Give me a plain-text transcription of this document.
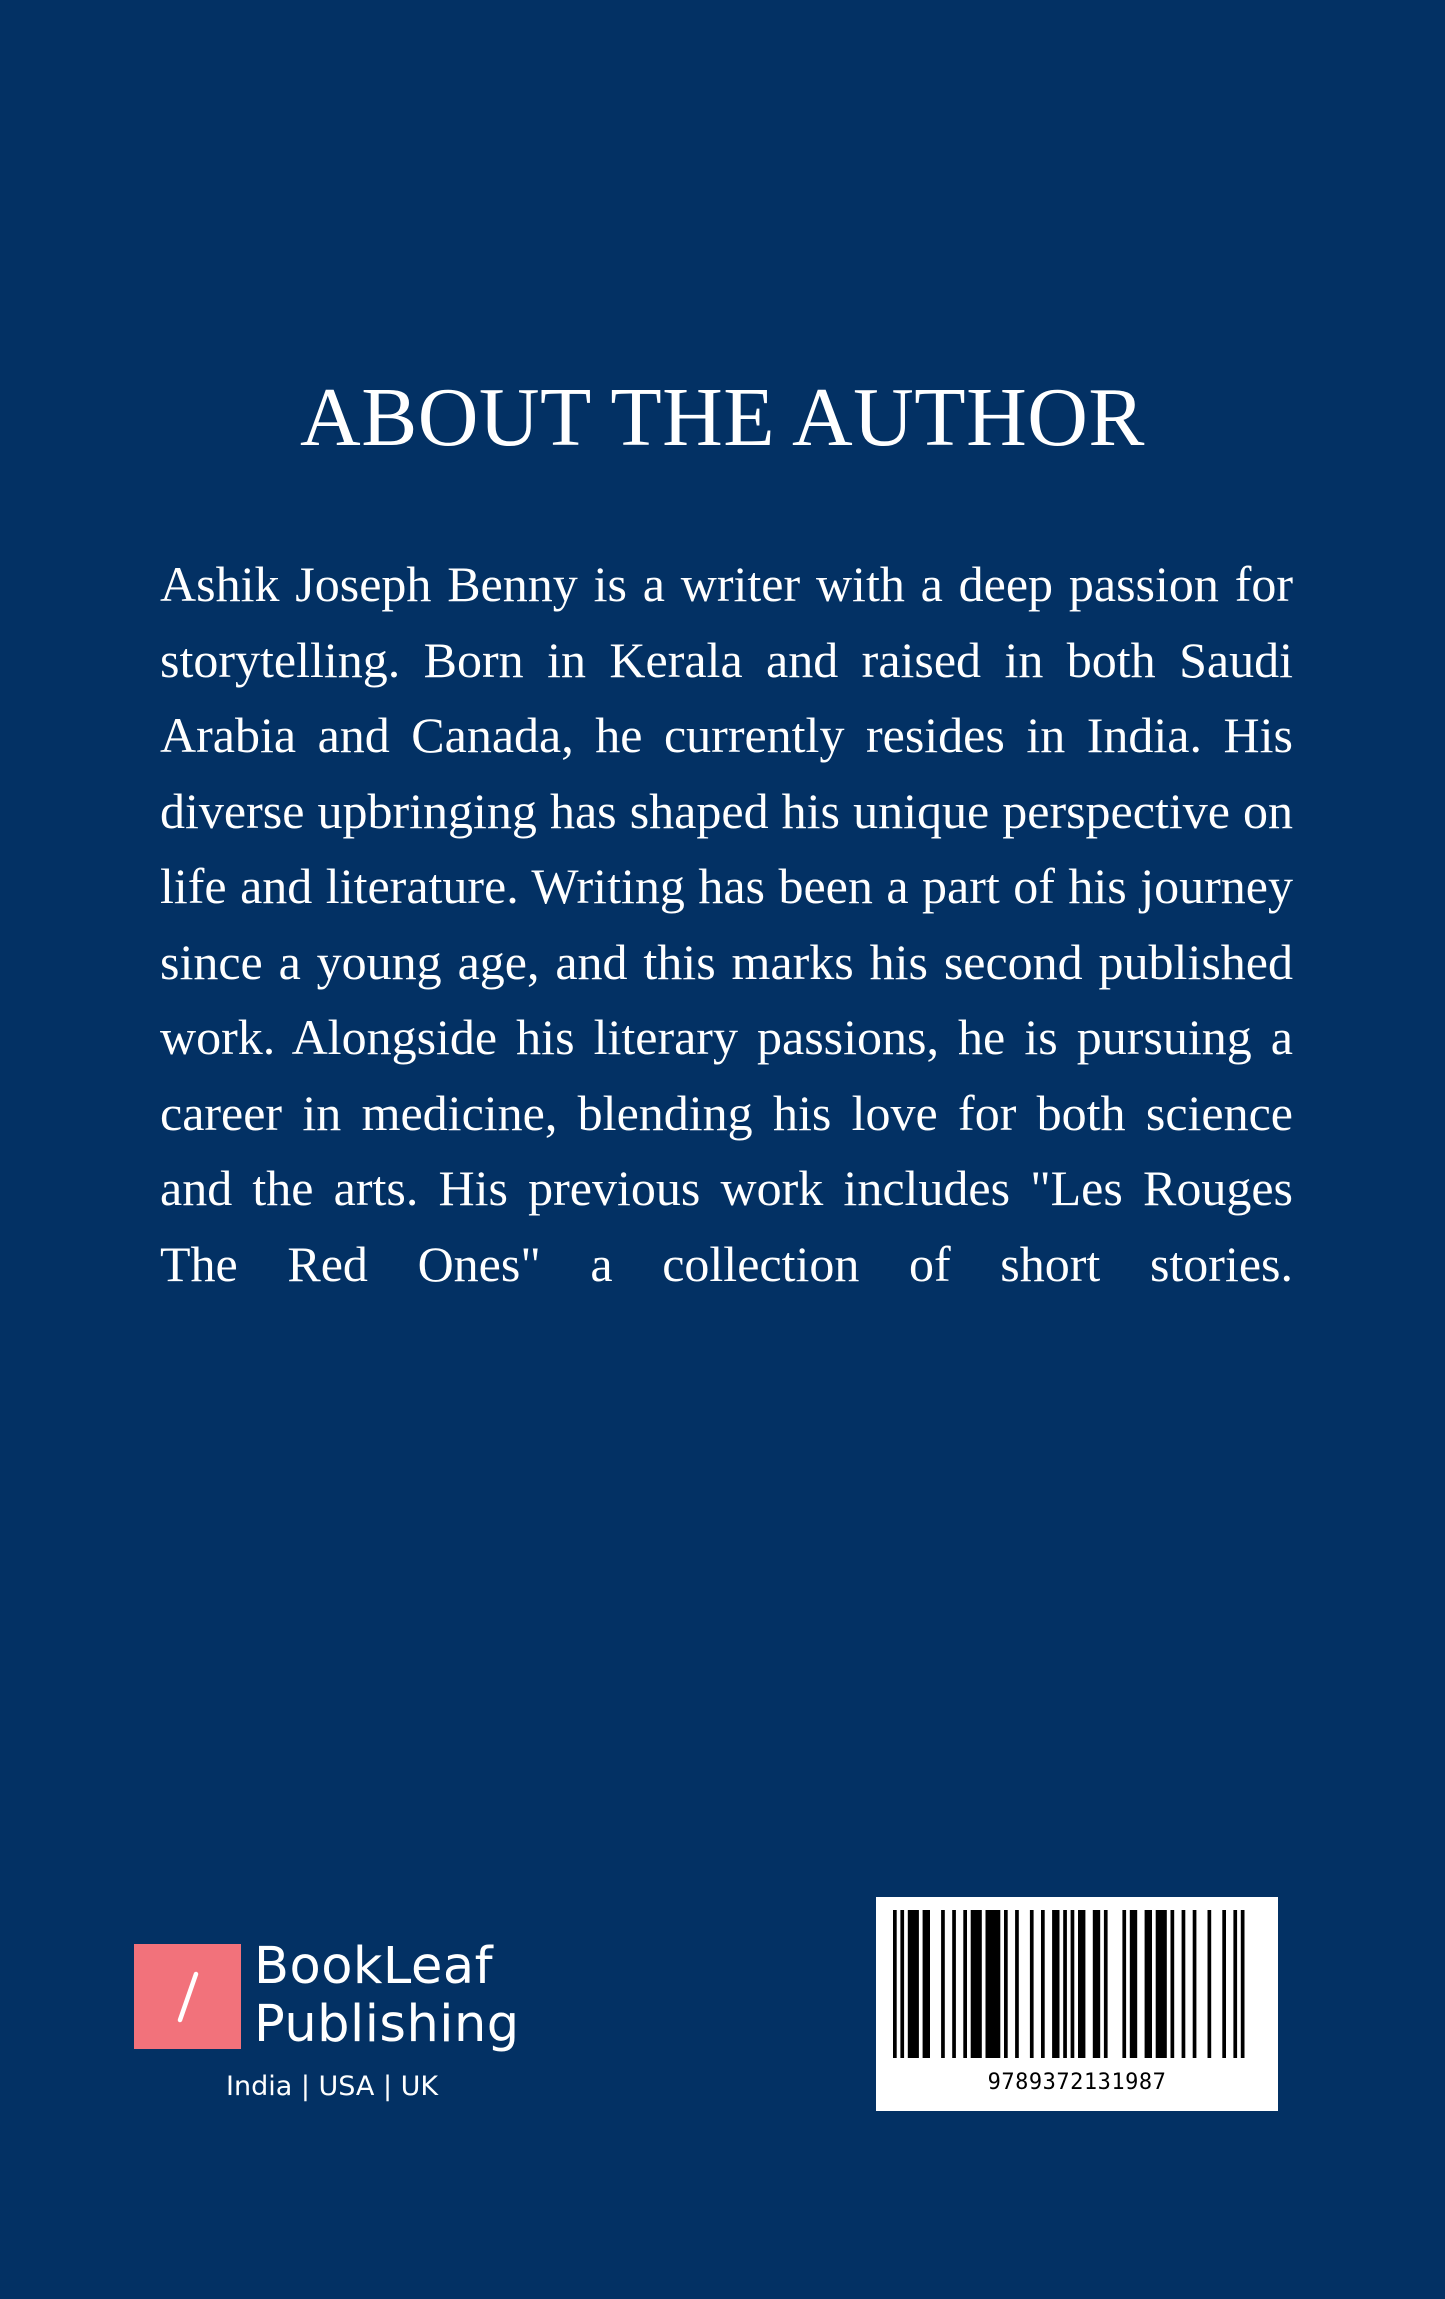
ABOUT THE AUTHOR
Ashik Joseph Benny is a writer with a deep passion for
storytelling. Born in Kerala and raised in both Saudi
Arabia and Canada, he currently resides in India. His
diverse upbringing has shaped his unique perspective on
life and literature. Writing has been a part of his journey
since a young age, and this marks his second published
work. Alongside his literary passions, he is pursuing a
career in medicine, blending his love for both science
and the arts. His previous work includes "Les Rouges
The Red Ones" a collection of short stories.
BookLeaf
Publishing
India | USA | UK	9789372131987
